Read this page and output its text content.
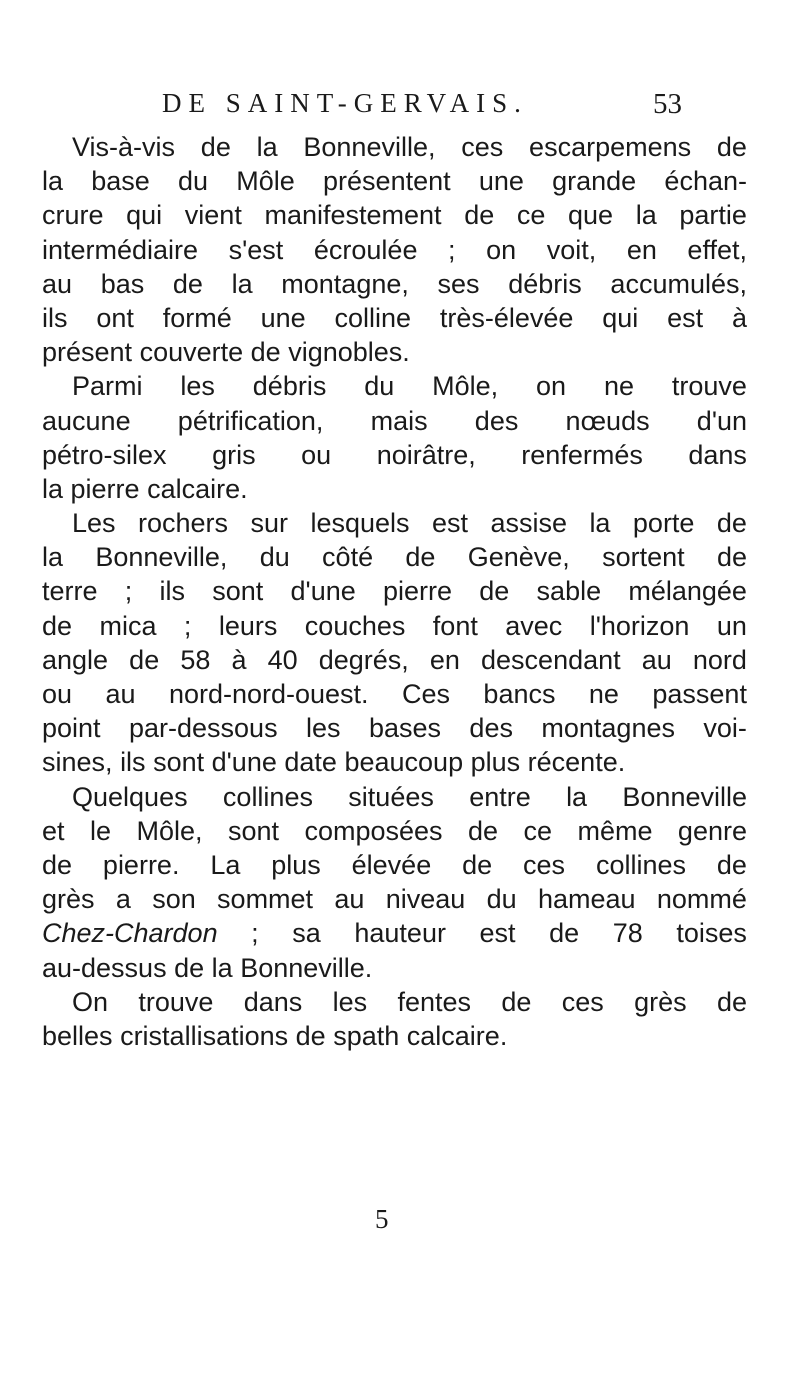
DE SAINT-GERVAIS.	53
Vis-à-vis de la Bonneville, ces escarpemens de
la base du Môle présentent une grande échan-
crure qui vient manifestement de ce que la partie
intermédiaire s'est écroulée ; on voit, en effet,
au bas de la montagne, ses débris accumulés,
ils ont formé une colline très-élevée qui est à
présent
couverte
de
vignobles.
Parmi les débris du Môle, on ne trouve
aucune pétrification, mais des nœuds d'un
pétro-silex gris ou noirâtre, renfermés dans
la
pierre
calcaire.
Les rochers sur lesquels est assise la porte de
la Bonneville, du côté de Genève, sortent de
terre ; ils sont d'une pierre de sable mélangée
de mica ; leurs couches font avec l'horizon un
angle de 58 à 40 degrés, en descendant au nord
ou au nord-nord-ouest. Ces bancs ne passent
point par-dessous les bases des montagnes voi-
sines,
ils
sont
d'une
date
beaucoup
plus
récente.
Quelques collines situées entre la Bonneville
et le Môle, sont composées de ce même genre
de pierre. La plus élevée de ces collines de
grès a son sommet au niveau du hameau nommé
Chez-Chardon ; sa hauteur est de 78 toises
au-dessus
de
la
Bonneville.
On trouve dans les fentes de ces grès de
belles
cristallisations
de
spath
calcaire.
5
